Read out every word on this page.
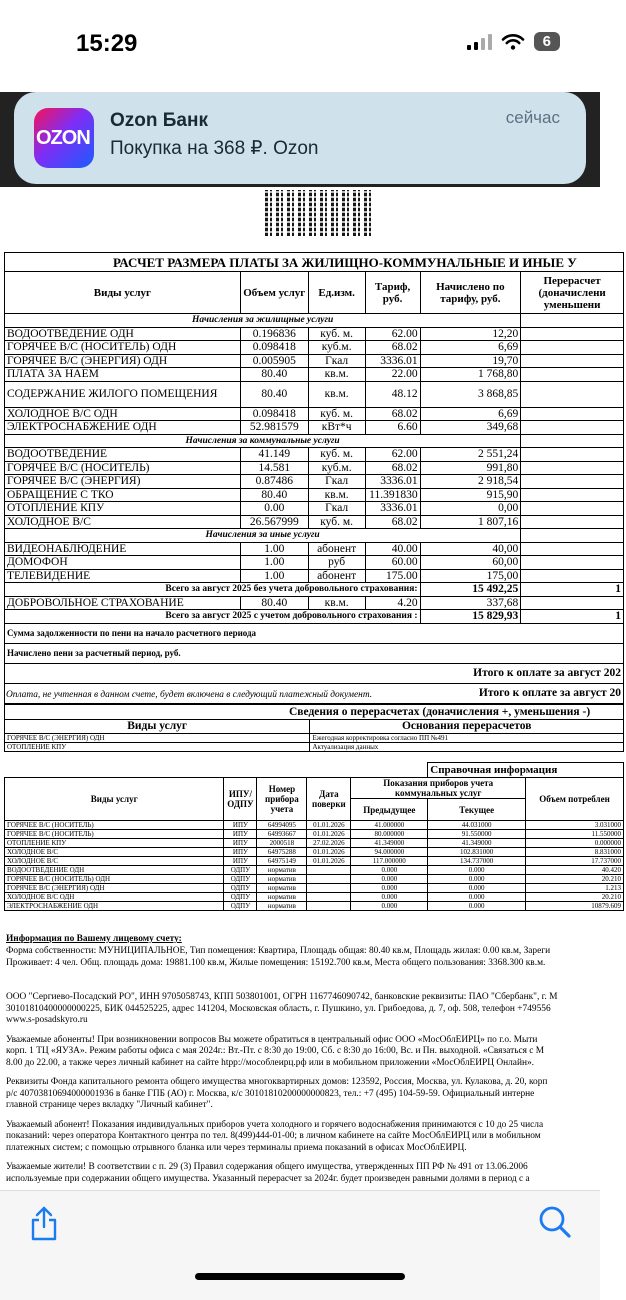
15:29	6
OZON
Ozon Банк
Покупка на 368 ₽. Ozon
сейчас
РАСЧЕТ РАЗМЕРА ПЛАТЫ ЗА ЖИЛИЩНО-КОММУНАЛЬНЫЕ И ИНЫЕ У
Виды услуг	Объем услуг	Ед.изм.	Тариф, руб.	Начислено по тарифу, руб.	Перерасчет (доначислени уменьшени
Начисления за жилищные услуги					
ВОДООТВЕДЕНИЕ ОДН	0.196836	куб. м.	62.00	12,20	
ГОРЯЧЕЕ В/С (НОСИТЕЛЬ) ОДН	0.098418	куб.м.	68.02	6,69	
ГОРЯЧЕЕ В/С (ЭНЕРГИЯ) ОДН	0.005905	Гкал	3336.01	19,70	
ПЛАТА ЗА НАЕМ	80.40	кв.м.	22.00	1 768,80	
СОДЕРЖАНИЕ ЖИЛОГО ПОМЕЩЕНИЯ	80.40	кв.м.	48.12	3 868,85	
ХОЛОДНОЕ В/С ОДН	0.098418	куб. м.	68.02	6,69	
ЭЛЕКТРОСНАБЖЕНИЕ ОДН	52.981579	кВт*ч	6.60	349,68	
Начисления за коммунальные услуги					
ВОДООТВЕДЕНИЕ	41.149	куб. м.	62.00	2 551,24	
ГОРЯЧЕЕ В/С (НОСИТЕЛЬ)	14.581	куб.м.	68.02	991,80	
ГОРЯЧЕЕ В/С (ЭНЕРГИЯ)	0.87486	Гкал	3336.01	2 918,54	
ОБРАЩЕНИЕ С ТКО	80.40	кв.м.	11.391830	915,90	
ОТОПЛЕНИЕ КПУ	0.00	Гкал	3336.01	0,00	
ХОЛОДНОЕ В/С	26.567999	куб. м.	68.02	1 807,16	
Начисления за иные услуги					
ВИДЕОНАБЛЮДЕНИЕ	1.00	абонент	40.00	40,00	
ДОМОФОН	1.00	руб	60.00	60,00	
ТЕЛЕВИДЕНИЕ	1.00	абонент	175.00	175,00	
Всего за август 2025 без учета добровольного страхования:				15 492,25	1
ДОБРОВОЛЬНОЕ СТРАХОВАНИЕ	80.40	кв.м.	4.20	337,68	
Всего за август 2025 с учетом добровольного страхования :				15 829,93	1
Сумма задолженности по пени на начало расчетного периода					
Начислено пени за расчетный период, руб.					
Итого к оплате за август 202					
Итого к оплате за август 20					
Оплата, не учтенная в данном счете, будет включена в следующий платежный документ.
Сведения о перерасчетах (доначисления +, уменьшения -)	
Виды услуг	Основания перерасчетов
ГОРЯЧЕЕ В/С (ЭНЕРГИЯ) ОДН	Ежегодная корректировка согласно ПП №491
ОТОПЛЕНИЕ КПУ	Актуализация данных
					Справочная информация	
Виды услуг	ИПУ/ ОДПУ	Номер прибора учета	Дата поверки	Показания приборов учета коммунальных услуг		Объем потреблен
				Предыдущее	Текущее	
ГОРЯЧЕЕ В/С (НОСИТЕЛЬ)	ИПУ	64994095	01.01.2026	41.000000	44.031000	3.031000
ГОРЯЧЕЕ В/С (НОСИТЕЛЬ)	ИПУ	64993667	01.01.2026	80.000000	91.550000	11.550000
ОТОПЛЕНИЕ КПУ	ИПУ	2000518	27.02.2026	41.349000	41.349000	0.000000
ХОЛОДНОЕ В/С	ИПУ	64975288	01.01.2026	94.000000	102.831000	8.831000
ХОЛОДНОЕ В/С	ИПУ	64975149	01.01.2026	117.000000	134.737000	17.737000
ВОДООТВЕДЕНИЕ ОДН	ОДПУ	норматив		0.000	0.000	40.420
ГОРЯЧЕЕ В/С (НОСИТЕЛЬ) ОДН	ОДПУ	норматив		0.000	0.000	20.210
ГОРЯЧЕЕ В/С (ЭНЕРГИЯ) ОДН	ОДПУ	норматив		0.000	0.000	1.213
ХОЛОДНОЕ В/С ОДН	ОДПУ	норматив		0.000	0.000	20.210
ЭЛЕКТРОСНАБЖЕНИЕ ОДН	ОДПУ	норматив		0.000	0.000	10879.609
Информация по Вашему лицевому счету:
Форма собственности: МУНИЦИПАЛЬНОЕ, Тип помещения: Квартира, Площадь общая: 80.40 кв.м, Площадь жилая: 0.00 кв.м, Зареги
Проживает: 4 чел. Общ. площадь дома: 19881.100 кв.м, Жилые помещения: 15192.700 кв.м, Места общего пользования: 3368.300 кв.м.
ООО "Сергиево-Посадский РО", ИНН 9705058743, КПП 503801001, ОГРН 1167746090742, банковские реквизиты: ПАО "Сбербанк", г. М
30101810400000000225, БИК 044525225, адрес 141204, Московская область, г. Пушкино, ул. Грибоедова, д. 7, оф. 508, телефон +749556
www.s-posadskyro.ru
Уважаемые абоненты! При возникновении вопросов Вы можете обратиться в центральный офис ООО «МосОблЕИРЦ» по г.о. Мыти
корп. 1 ТЦ «ЯУЗА». Режим работы офиса с мая 2024г.: Вт.-Пт. с 8:30 до 19:00, Сб. с 8:30 до 16:00, Вс. и Пн. выходной. «Связаться с М
8.00 до 22.00, а также через личный кабинет на сайте htpp://мособлеирц.рф или в мобильном приложении «МосОблЕИРЦ Онлайн».
Реквизиты Фонда капитального ремонта общего имущества многоквартирных домов: 123592, Россия, Москва, ул. Кулакова, д. 20, корп
р/с 40703810694000001936 в банке ГПБ (АО) г. Москва, к/с 30101810200000000823, тел.: +7 (495) 104-59-59. Официальный интерне
главной странице через вкладку "Личный кабинет".
Уважаемый абонент! Показания индивидуальных приборов учета холодного и горячего водоснабжения принимаются с 10 до 25 числа
показаний: через оператора Контактного центра по тел. 8(499)444-01-00; в личном кабинете на сайте МосОблЕИРЦ или в мобильном
платежных систем; с помощью отрывного бланка или через терминалы приема показаний в офисах МосОблЕИРЦ.
Уважаемые жители! В соответствии с п. 29 (3) Правил содержания общего имущества, утвержденных ПП РФ № 491 от 13.06.2006
используемые при содержании общего имущества. Указанный перерасчет за 2024г. будет произведен равными долями в период с а
